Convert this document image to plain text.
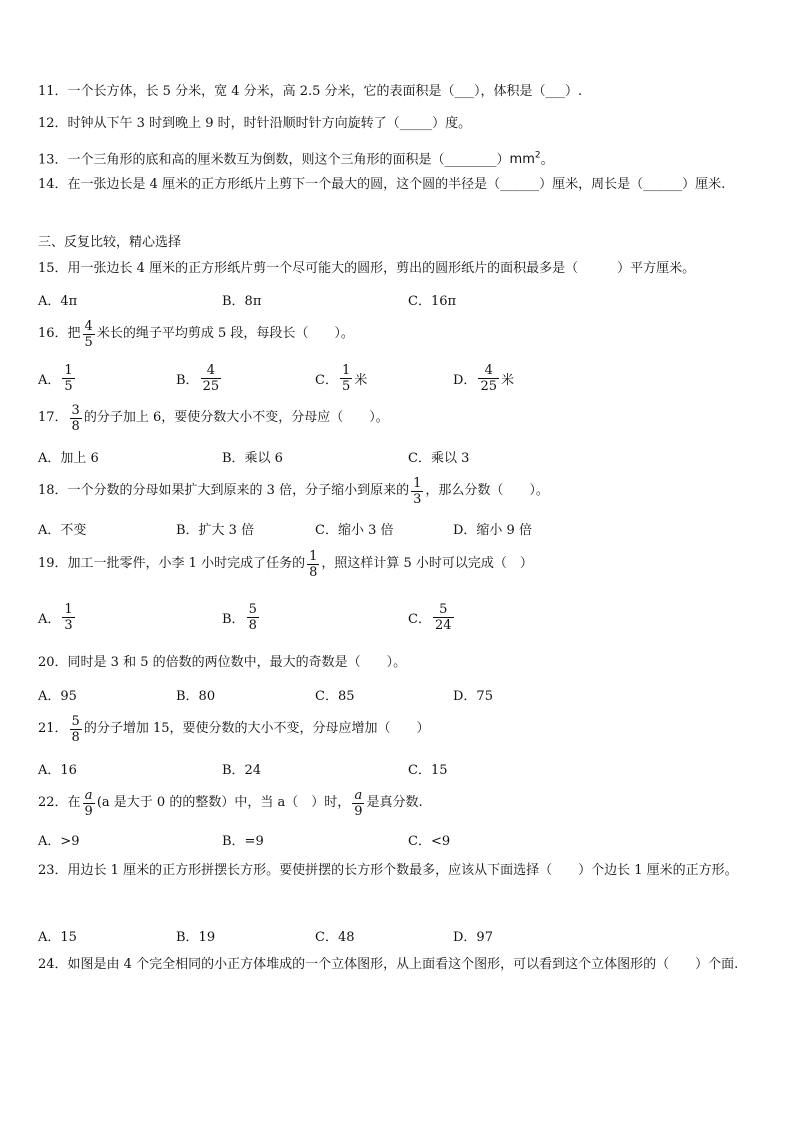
11．一个长方体，长 5 分米，宽 4 分米，高 2.5 分米，它的表面积是（___），体积是（___）.
12．时钟从下午 3 时到晚上 9 时，时针沿顺时针方向旋转了（_____）度。
13．一个三角形的底和高的厘米数互为倒数，则这个三角形的面积是$(\_\_\_\_\_\_\_\_)mm^2$。
14．在一张边长是 4 厘米的正方形纸片上剪下一个最大的圆，这个圆的半径是（______）厘米，周长是（______）厘米.
三、反复比较，精心选择
15．用一张边长 4 厘米的正方形纸片剪一个尽可能大的圆形，剪出的圆形纸片的面积最多是（　　　）平方厘米。
A．4π	B．8π	C．16π
16．把 $\frac{4}{5}$ 米长的绳子平均剪成 5 段，每段长（　　）。
A． $\frac{1}{5}$	B． $\frac{4}{25}$	C． $\frac{1}{5}$ 米	D． $\frac{4}{25}$ 米
17． $\frac{3}{8}$ 的分子加上 6，要使分数大小不变，分母应（　　）。
A．加上 6	B．乘以 6	C．乘以 3
18．一个分数的分母如果扩大到原来的 3 倍，分子缩小到原来的 $\frac{1}{3}$ ，那么分数（　　）。
A．不变	B．扩大 3 倍	C．缩小 3 倍	D．缩小 9 倍
19．加工一批零件，小李 1 小时完成了任务的 $\frac{1}{8}$ ，照这样计算 5 小时可以完成（　）
A． $\frac{1}{3}$	B． $\frac{5}{8}$	C． $\frac{5}{24}$
20．同时是 3 和 5 的倍数的两位数中，最大的奇数是（　　）。
A．95	B．80	C．85	D．75
21． $\frac{5}{8}$ 的分子增加 15，要使分数的大小不变，分母应增加（　　）
A．16	B．24	C．15
22．在 $\frac{a}{9} (a$ 是大于 0 的的整数）中，当 a（　）时， $\frac{a}{9}$ 是真分数.
A．>9	B．=9	C．<9
23．用边长 1 厘米的正方形拼摆长方形。要使拼摆的长方形个数最多，应该从下面选择（　　）个边长 1 厘米的正方形。
A．15	B．19	C．48	D．97
24．如图是由 4 个完全相同的小正方体堆成的一个立体图形，从上面看这个图形，可以看到这个立体图形的（　　）个面.
